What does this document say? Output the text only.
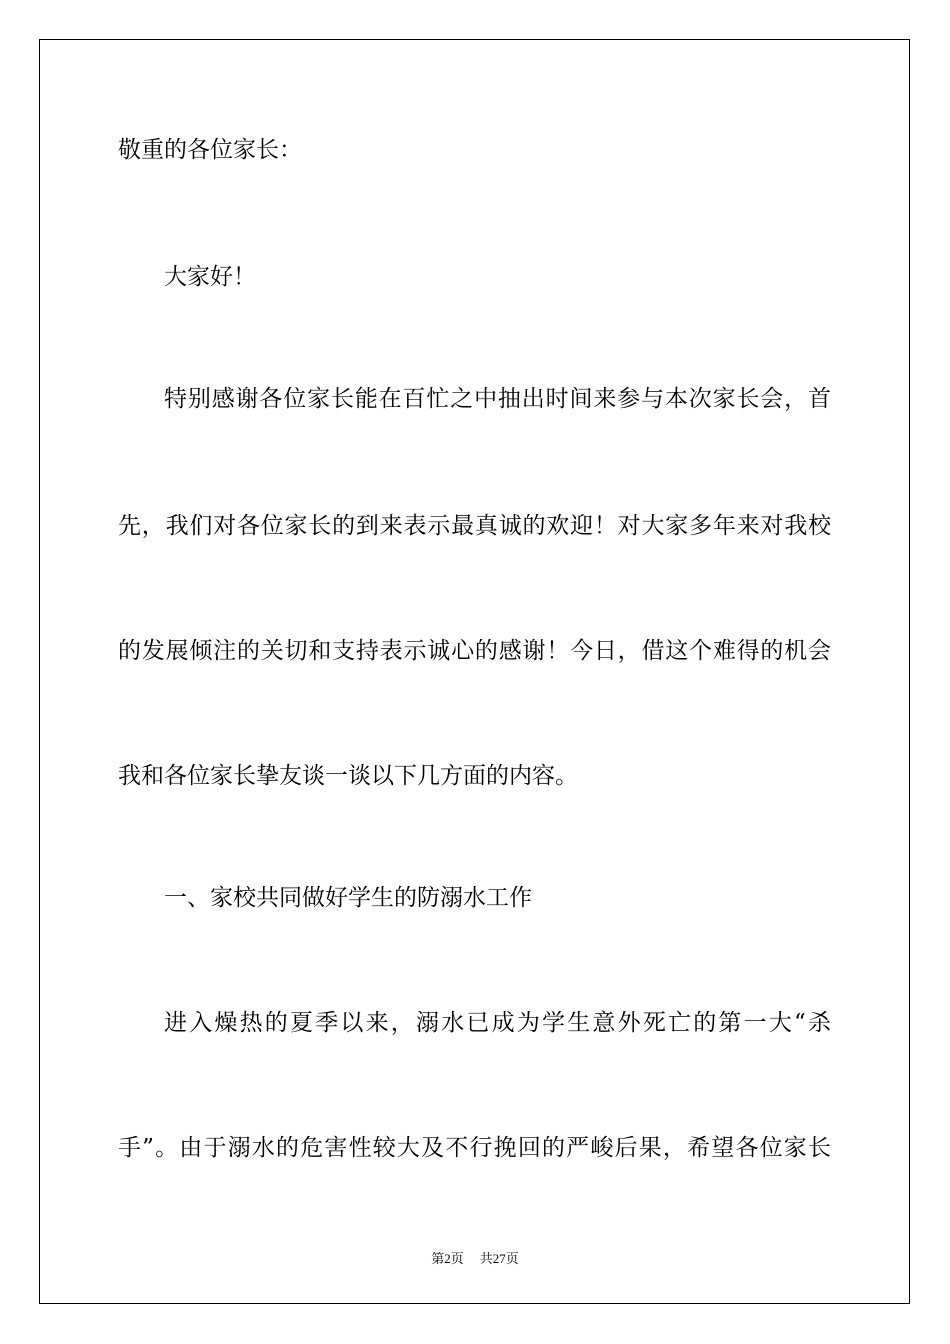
敬重的各位家长：

大家好！

特别感谢各位家长能在百忙之中抽出时间来参与本次家长会，首

先，我们对各位家长的到来表示最真诚的欢迎！对大家多年来对我校

的发展倾注的关切和支持表示诚心的感谢！今日，借这个难得的机会

我和各位家长挚友谈一谈以下几方面的内容。

一、家校共同做好学生的防溺水工作

进入燥热的夏季以来，溺水已成为学生意外死亡的第一大“杀

手”。由于溺水的危害性较大及不行挽回的严峻后果，希望各位家长

第2页 共27页
